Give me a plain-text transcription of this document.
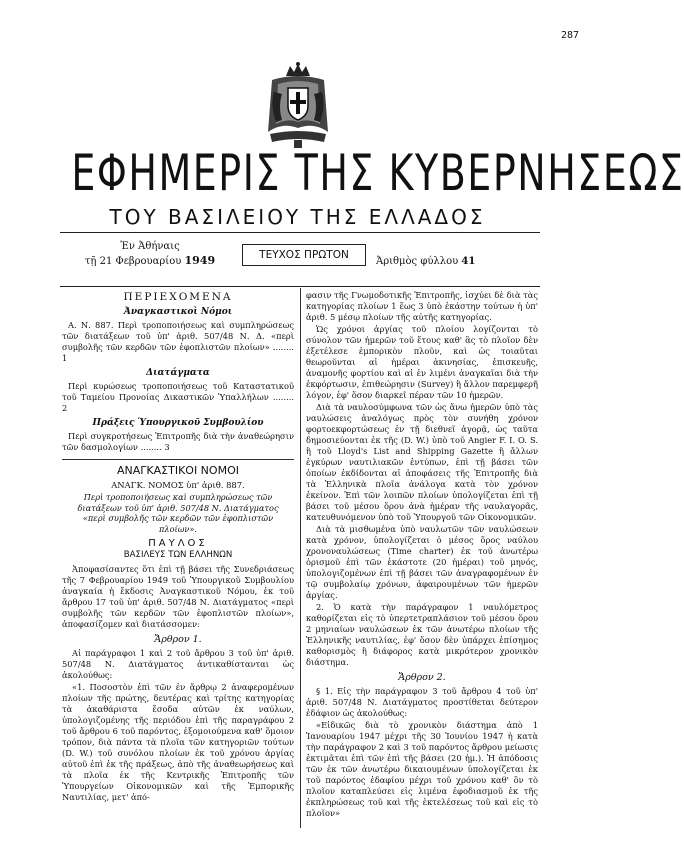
287
ΕΦΗΜΕΡΙΣ ΤΗΣ ΚΥΒΕΡΝΗΣΕΩΣ
ΤΟΥ ΒΑΣΙΛΕΙΟΥ ΤΗΣ ΕΛΛΑΔΟΣ
Ἐν Ἀθήναις
τῇ 21 Φεβρουαρίου 1949	ΤΕΥΧΟΣ ΠΡΩΤΟΝ
Ἀριθμὸς φύλλου 41
ΠΕΡΙΕΧΟΜΕΝΑ
Ἀναγκαστικοὶ Νόμοι

Α. Ν. 887. Περὶ τροποποιήσεως καὶ συμπληρώσεως τῶν διατάξεων τοῦ ὑπ' ἀριθ. 507/48 Ν. Δ. «περὶ συμβολῆς τῶν κερδῶν τῶν ἐφοπλιστῶν πλοίων» ........ 1

Διατάγματα

Περὶ κυρώσεως τροποποιήσεως τοῦ Καταστατικοῦ τοῦ Ταμείου Προνοίας Δικαστικῶν Ὑπαλλήλων ........ 2

Πράξεις Ὑπουργικοῦ Συμβουλίου

Περὶ συγκροτήσεως Ἐπιτροπῆς διὰ τὴν ἀναθεώρησιν τῶν δασμολογίων ........ 3

ΑΝΑΓΚΑΣΤΙΚΟΙ ΝΟΜΟΙ
ΑΝΑΓΚ. ΝΟΜΟΣ ὑπ' ἀριθ. 887.
Περὶ τροποποιήσεως καὶ συμπληρώσεως τῶν διατάξεων τοῦ ὑπ' ἀριθ. 507/48 Ν. Διατάγματος «περὶ συμβολῆς τῶν κερδῶν τῶν ἐφοπλιστῶν πλοίων».
ΠΑΥΛΟΣ
ΒΑΣΙΛΕΥΣ ΤΩΝ ΕΛΛΗΝΩΝ

Ἀποφασίσαντες ὅτι ἐπὶ τῇ βάσει τῆς Συνεδριάσεως τῆς 7 Φεβρουαρίου 1949 τοῦ Ὑπουργικοῦ Συμβουλίου ἀναγκαία ἡ ἔκδοσις Ἀναγκαστικοῦ Νόμου, ἐκ τοῦ ἄρθρου 17 τοῦ ὑπ' ἀριθ. 507/48 Ν. Διατάγματος «περὶ συμβολῆς τῶν κερδῶν τῶν ἐφοπλιστῶν πλοίων», ἀποφασίζομεν καὶ διατάσσομεν:

Ἄρθρον 1.

Αἱ παράγραφοι 1 καὶ 2 τοῦ ἄρθρου 3 τοῦ ὑπ' ἀριθ. 507/48 Ν. Διατάγματος ἀντικαθίστανται ὡς ἀκολούθως:

«1. Ποσοστὸν ἐπὶ τῶν ἐν ἄρθρῳ 2 ἀναφερομένων πλοίων τῆς πρώτης, δευτέρας καὶ τρίτης κατηγορίας τὰ ἀκαθάριστα ἔσοδα αὐτῶν ἐκ ναύλων, ὑπολογιζομένης τῆς περιόδου ἐπὶ τῆς παραγράφου 2 τοῦ ἄρθρου 6 τοῦ παρόντος, ἐξομοιούμενα καθ' ὅμοιον τρόπον, διὰ πάντα τὰ πλοῖα τῶν κατηγοριῶν τούτων (D. W.) τοῦ συνόλου πλοίων ἐκ τοῦ χρόνου ἀργίας αὐτοῦ ἐπὶ ἐκ τῆς πράξεως, ἀπὸ τῆς ἀναθεωρήσεως καὶ τὰ πλοῖα ἐκ τῆς Κεντρικῆς Ἐπιτροπῆς τῶν Ὑπουργείων Οἰκονομικῶν καὶ τῆς Ἐμπορικῆς Ναυτιλίας, μετ' ἀπό-

φασιν τῆς Γνωμοδοτικῆς Ἐπιτροπῆς, ἰσχύει δὲ διὰ τὰς κατηγορίας πλοίων 1 ἕως 3 ὑπὸ ἐκάστην τούτων ἡ ὑπ' ἀριθ. 5 μέσῳ πλοίων τῆς αὐτῆς κατηγορίας.

Ὡς χρόνοι ἀργίας τοῦ πλοίου λογίζονται τὸ σύνολον τῶν ἡμερῶν τοῦ ἔτους καθ' ἃς τὸ πλοῖον δὲν ἐξετέλεσε ἐμπορικὸν πλοῦν, καὶ ὡς τοιαῦται θεωροῦνται αἱ ἡμέραι ἀκινησίας, ἐπισκευῆς, ἀναμονῆς φορτίου καὶ αἱ ἐν λιμένι ἀναγκαῖαι διὰ τὴν ἐκφόρτωσιν, ἐπιθεώρησιν (Survey) ἢ ἄλλον παρεμφερῆ λόγον, ἐφ' ὅσον διαρκεῖ πέραν τῶν 10 ἡμερῶν.

Διὰ τὰ ναυλοσύμφωνα τῶν ὡς ἄνω ἡμερῶν ὑπὸ τὰς ναυλώσεις ἀναλόγως πρὸς τὸν συνήθη χρόνον φορτοεκφορτώσεως ἐν τῇ διεθνεῖ ἀγορᾷ, ὡς ταῦτα δημοσιεύονται ἐκ τῆς (D. W.) ὑπὸ τοῦ Angier F. I. O. S. ἢ τοῦ Lloyd's List and Shipping Gazette ἢ ἄλλων ἐγκύρων ναυτιλιακῶν ἐντύπων, ἐπὶ τῇ βάσει τῶν ὁποίων ἐκδίδονται αἱ ἀποφάσεις τῆς Ἐπιτροπῆς διὰ τὰ Ἑλληνικὰ πλοῖα ἀνάλογα κατὰ τὸν χρόνον ἐκείνον. Ἐπὶ τῶν λοιπῶν πλοίων ὑπολογίζεται ἐπὶ τῇ βάσει τοῦ μέσου ὅρου ἀνὰ ἡμέραν τῆς ναυλαγορᾶς, κατευθυνόμενον ὑπὸ τοῦ Ὑπουργοῦ τῶν Οἰκονομικῶν.

Διὰ τὰ μισθωμένα ὑπὸ ναυλωτῶν τῶν ναυλώσεων κατὰ χρόνον, ὑπολογίζεται ὁ μέσος ὅρος ναύλου χρονοναυλώσεως (Time charter) ἐκ τοῦ ἀνωτέρω ὁρισμοῦ ἐπὶ τῶν ἐκάστοτε (20 ἡμέραι) τοῦ μηνός, ὑπολογιζομένων ἐπὶ τῇ βάσει τῶν ἀναγραφομένων ἐν τῷ συμβολαίῳ χρόνων, ἀφαιρουμένων τῶν ἡμερῶν ἀργίας.

2. Ὁ κατὰ τὴν παράγραφον 1 ναυλόμετρος καθορίζεται εἰς τὸ ὑπερτετραπλάσιον τοῦ μέσου ὅρου 2 μηνιαίων ναυλώσεων ἐκ τῶν ἀνωτέρω πλοίων τῆς Ἑλληνικῆς ναυτιλίας, ἐφ' ὅσον δὲν ὑπάρχει ἐπίσημος καθορισμὸς ἢ διάφορος κατὰ μικρότερον χρονικὸν διάστημα.

Ἄρθρον 2.

§ 1. Εἰς τὴν παράγραφον 3 τοῦ ἄρθρου 4 τοῦ ὑπ' ἀριθ. 507/48 Ν. Διατάγματος προστίθεται δεύτερον ἐδάφιον ὡς ἀκολούθως:

«Εἰδικῶς διὰ τὸ χρονικὸν διάστημα ἀπὸ 1 Ἰανουαρίου 1947 μέχρι τῆς 30 Ἰουνίου 1947 ἡ κατὰ τὴν παράγραφον 2 καὶ 3 τοῦ παρόντος ἄρθρου μείωσις ἐκτιμᾶται ἐπὶ τῶν ἐπὶ τῆς βάσει (20 ἡμ.). Ἡ ἀπόδοσις τῶν ἐκ τῶν ἀνωτέρω δικαιουμένων ὑπολογίζεται ἐκ τοῦ παρόντος ἐδαφίου μέχρι τοῦ χρόνου καθ' ὃν τὸ πλοῖον καταπλεύσει εἰς λιμένα ἐφοδιασμοῦ ἐκ τῆς ἐκπληρώσεως τοῦ καὶ τῆς ἐκτελέσεως τοῦ καὶ εἰς τὸ πλοῖον»
